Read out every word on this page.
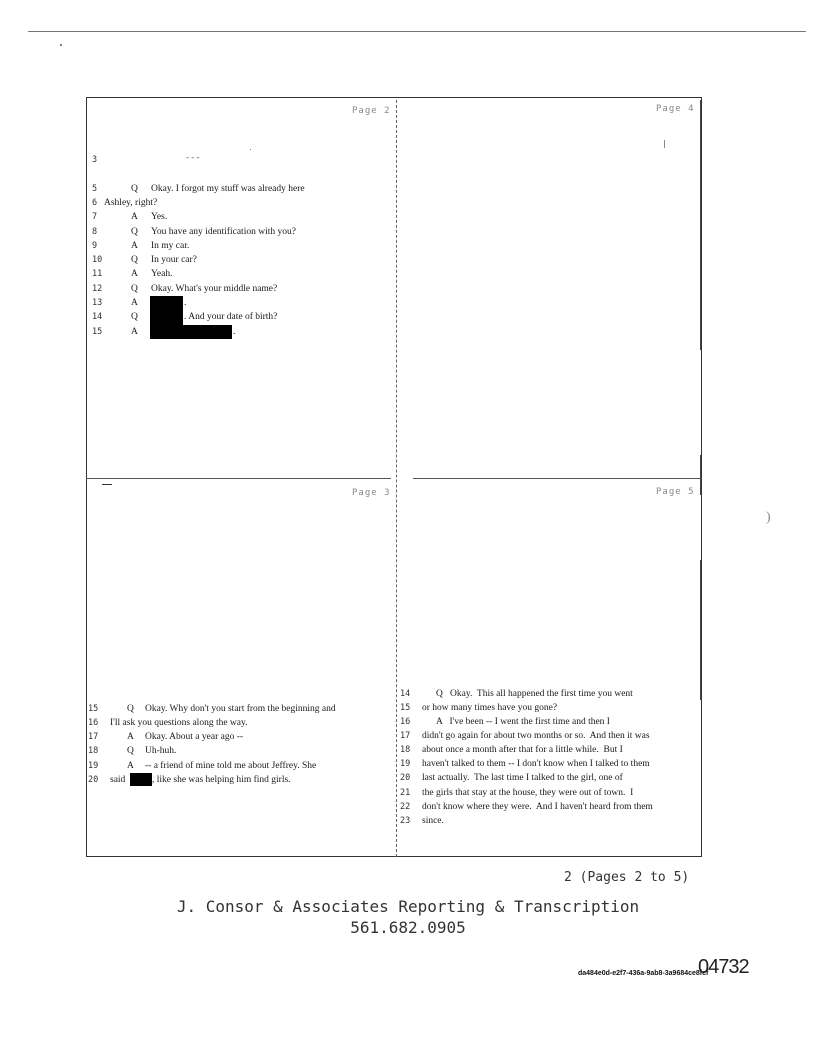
)
Page 2	Page 4
Page 3	Page 5
- - -
3
5	Q Okay. I forgot my stuff was already here
6 Ashley, right?
7	A Yes.
8	Q You have any identification with you?
9	A In my car.
10	Q In your car?
11	A Yeah.
12	Q Okay. What's your middle name?
13	A	.
14	Q	. And your date of birth?
15	A	.
15	Q Okay. Why don't you start from the beginning and
16	I'll ask you questions along the way.
17	A Okay. About a year ago --
18	Q Uh-huh.
19	A -- a friend of mine told me about Jeffrey. She
20	said	, like she was helping him find girls.
14	Q   Okay.  This all happened the first time you went
15	or how many times have you gone?
16	A   I've been -- I went the first time and then I
17	didn't go again for about two months or so.  And then it was
18	about once a month after that for a little while.  But I
19	haven't talked to them -- I don't know when I talked to them
20	last actually.  The last time I talked to the girl, one of
21	the girls that stay at the house, they were out of town.  I
22	don't know where they were.  And I haven't heard from them
23	since.
2 (Pages 2 to 5)
J. Consor & Associates Reporting & Transcription
561.682.0905
da484e0d-e2f7-436a-9ab8-3a9684ce8fcf
04732
